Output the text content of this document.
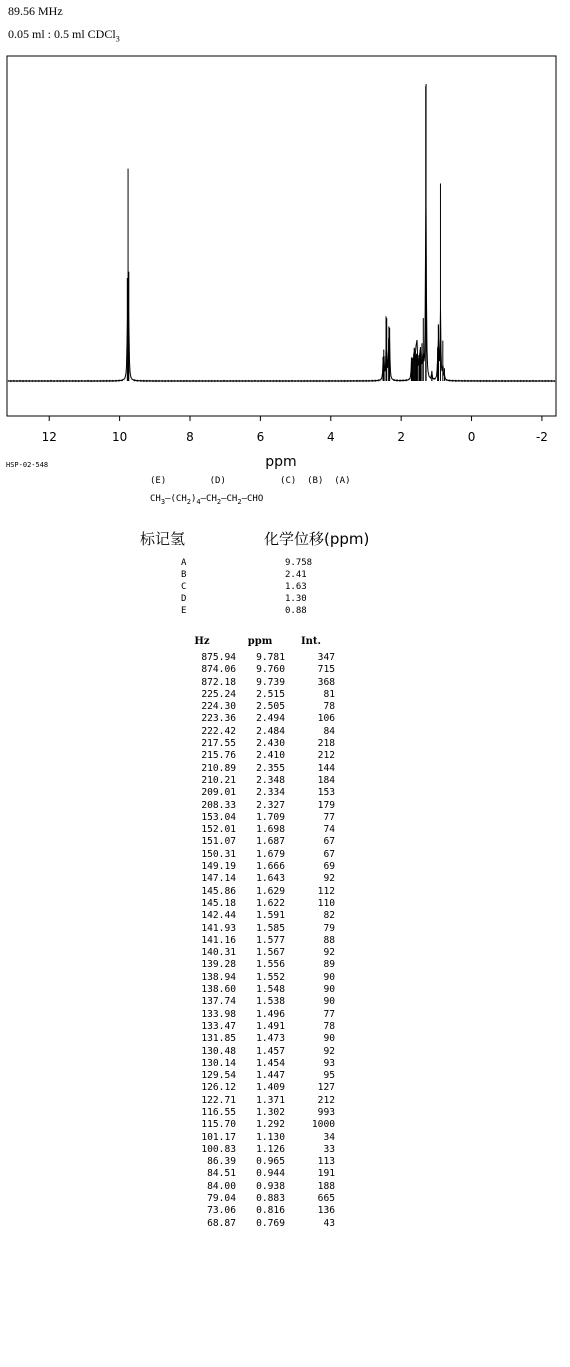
89.56 MHz
0.05 ml : 0.5 ml CDCl$_3$
12	10	8	6	4	2	0	-2
ppm
HSP-02-548
(E)        (D)          (C)  (B)  (A)
$CH_3—(CH_2)_4—CH_2—CH_2—CHO$
标记氢	化学位移(ppm)
A	9.758
B	2.41
C	1.63
D	1.30
E	0.88
Hz	ppm	Int.
875.94	9.781	347
874.06	9.760	715
872.18	9.739	368
225.24	2.515	81
224.30	2.505	78
223.36	2.494	106
222.42	2.484	84
217.55	2.430	218
215.76	2.410	212
210.89	2.355	144
210.21	2.348	184
209.01	2.334	153
208.33	2.327	179
153.04	1.709	77
152.01	1.698	74
151.07	1.687	67
150.31	1.679	67
149.19	1.666	69
147.14	1.643	92
145.86	1.629	112
145.18	1.622	110
142.44	1.591	82
141.93	1.585	79
141.16	1.577	88
140.31	1.567	92
139.28	1.556	89
138.94	1.552	90
138.60	1.548	90
137.74	1.538	90
133.98	1.496	77
133.47	1.491	78
131.85	1.473	90
130.48	1.457	92
130.14	1.454	93
129.54	1.447	95
126.12	1.409	127
122.71	1.371	212
116.55	1.302	993
115.70	1.292	1000
101.17	1.130	34
100.83	1.126	33
86.39	0.965	113
84.51	0.944	191
84.00	0.938	188
79.04	0.883	665
73.06	0.816	136
68.87	0.769	43
